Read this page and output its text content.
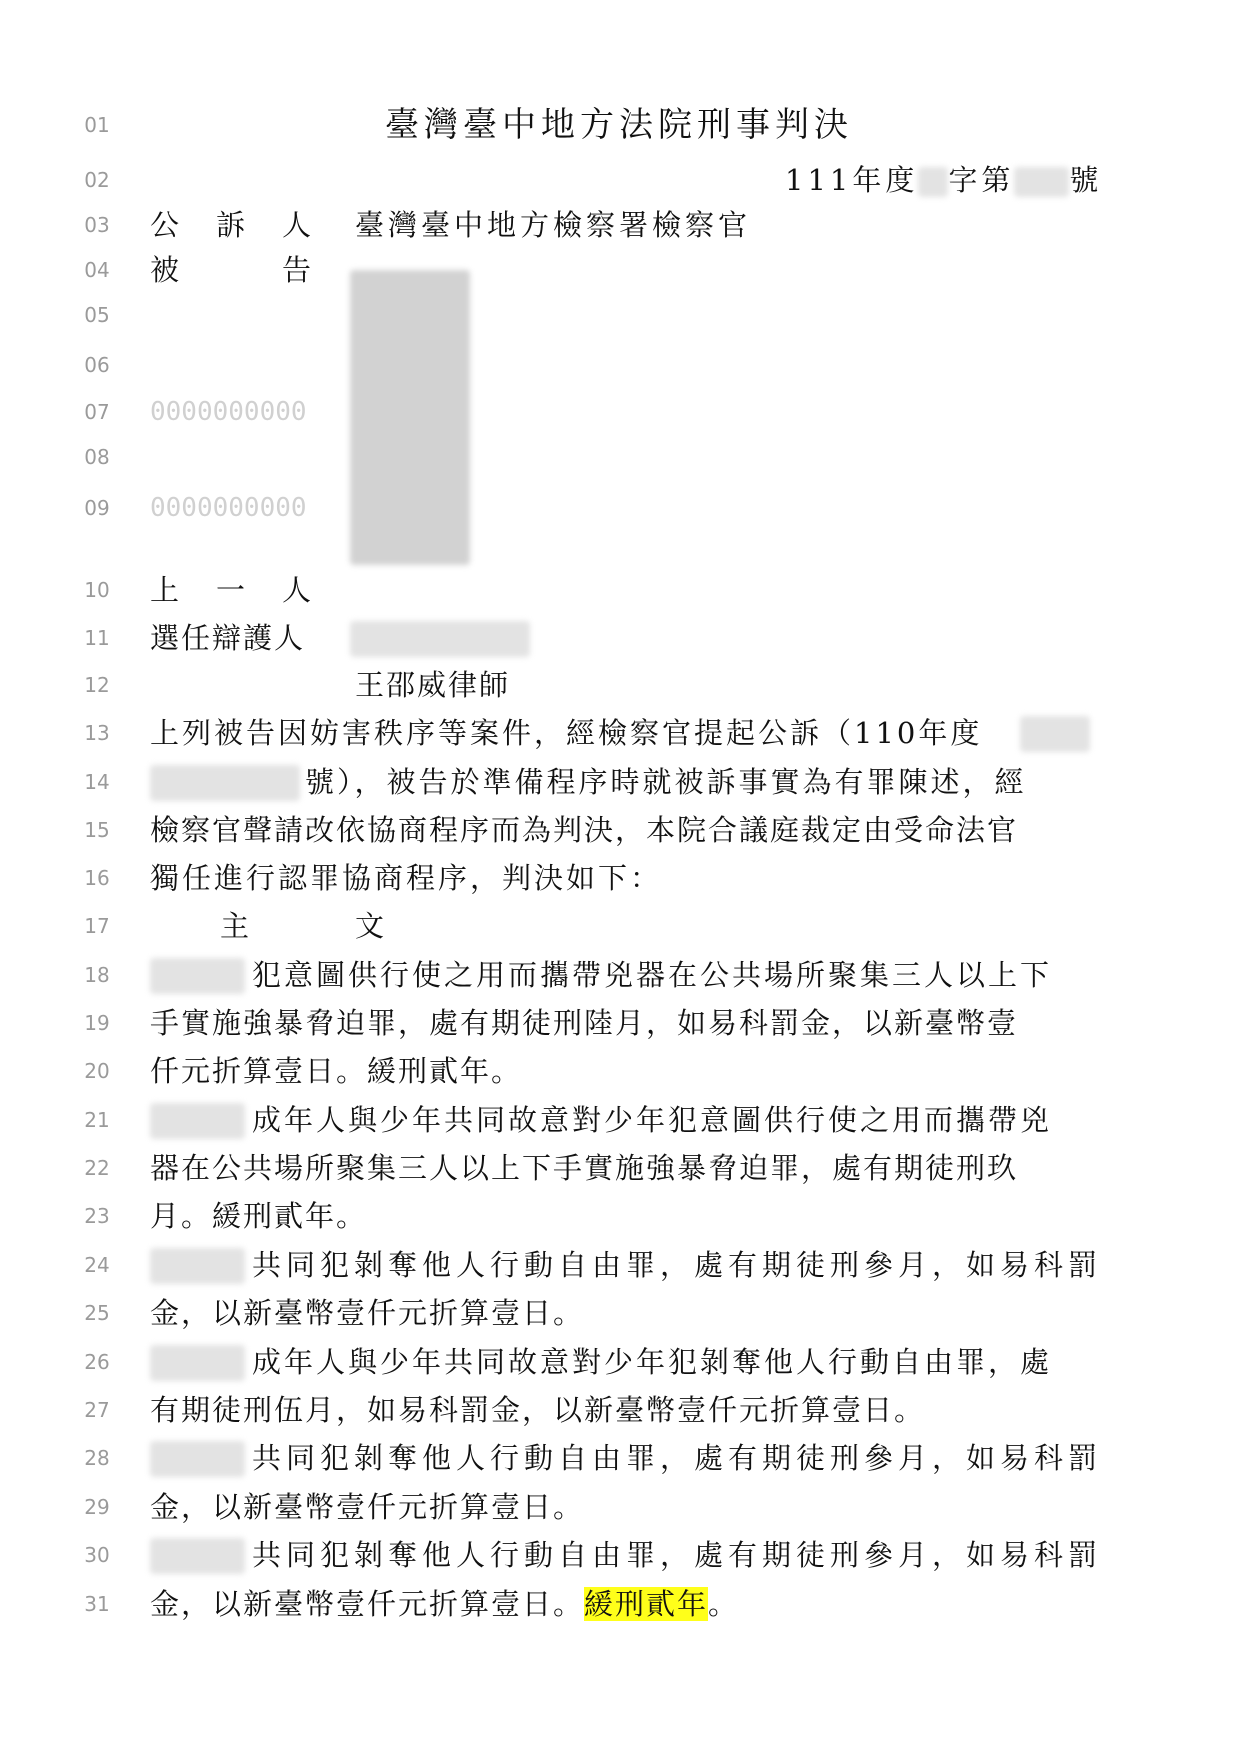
01	臺灣臺中地方法院刑事判決
02	111年度 字第 號
03	公　訴　人 臺灣臺中地方檢察署檢察官
04	被　　　告
05
06
07	0000000000
08
09	0000000000
10	上　一　人
11	選任辯護人
12	王邵威律師
13	上列被告因妨害秩序等案件，經檢察官提起公訴（110年度
14	號），被告於準備程序時就被訴事實為有罪陳述，經
15	檢察官聲請改依協商程序而為判決，本院合議庭裁定由受命法官
16	獨任進行認罪協商程序，判決如下：
17	主	文
18	犯意圖供行使之用而攜帶兇器在公共場所聚集三人以上下
19	手實施強暴脅迫罪，處有期徒刑陸月，如易科罰金，以新臺幣壹
20	仟元折算壹日。緩刑貳年。
21	成年人與少年共同故意對少年犯意圖供行使之用而攜帶兇
22	器在公共場所聚集三人以上下手實施強暴脅迫罪，處有期徒刑玖
23	月。緩刑貳年。
24	共同犯剝奪他人行動自由罪，處有期徒刑參月，如易科罰
25	金，以新臺幣壹仟元折算壹日。
26	成年人與少年共同故意對少年犯剝奪他人行動自由罪，處
27	有期徒刑伍月，如易科罰金，以新臺幣壹仟元折算壹日。
28	共同犯剝奪他人行動自由罪，處有期徒刑參月，如易科罰
29	金，以新臺幣壹仟元折算壹日。
30	共同犯剝奪他人行動自由罪，處有期徒刑參月，如易科罰
31	金，以新臺幣壹仟元折算壹日。緩刑貳年。
